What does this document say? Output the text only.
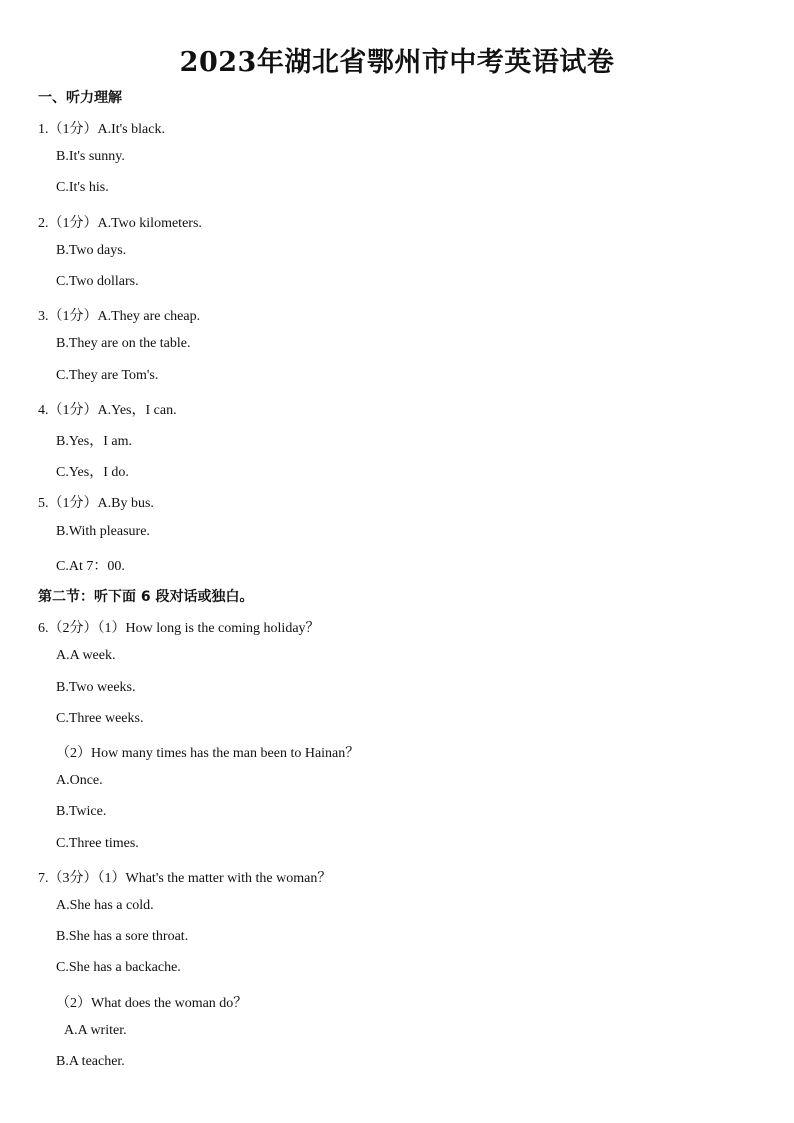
2023年湖北省鄂州市中考英语试卷
一、听力理解
1.（1分）A.It's black.
B.It's sunny.
C.It's his.
2.（1分）A.Two kilometers.
B.Two days.
C.Two dollars.
3.（1分）A.They are cheap.
B.They are on the table.
C.They are Tom's.
4.（1分）A.Yes，I can.
B.Yes，I am.
C.Yes，I do.
5.（1分）A.By bus.
B.With pleasure.
C.At 7：00.
第二节：听下面 6 段对话或独白。
6.（2分）（1）How long is the coming holiday？
A.A week.
B.Two weeks.
C.Three weeks.
（2）How many times has the man been to Hainan？
A.Once.
B.Twice.
C.Three times.
7.（3分）（1）What's the matter with the woman？
A.She has a cold.
B.She has a sore throat.
C.She has a backache.
（2）What does the woman do？
A.A writer.
B.A teacher.
